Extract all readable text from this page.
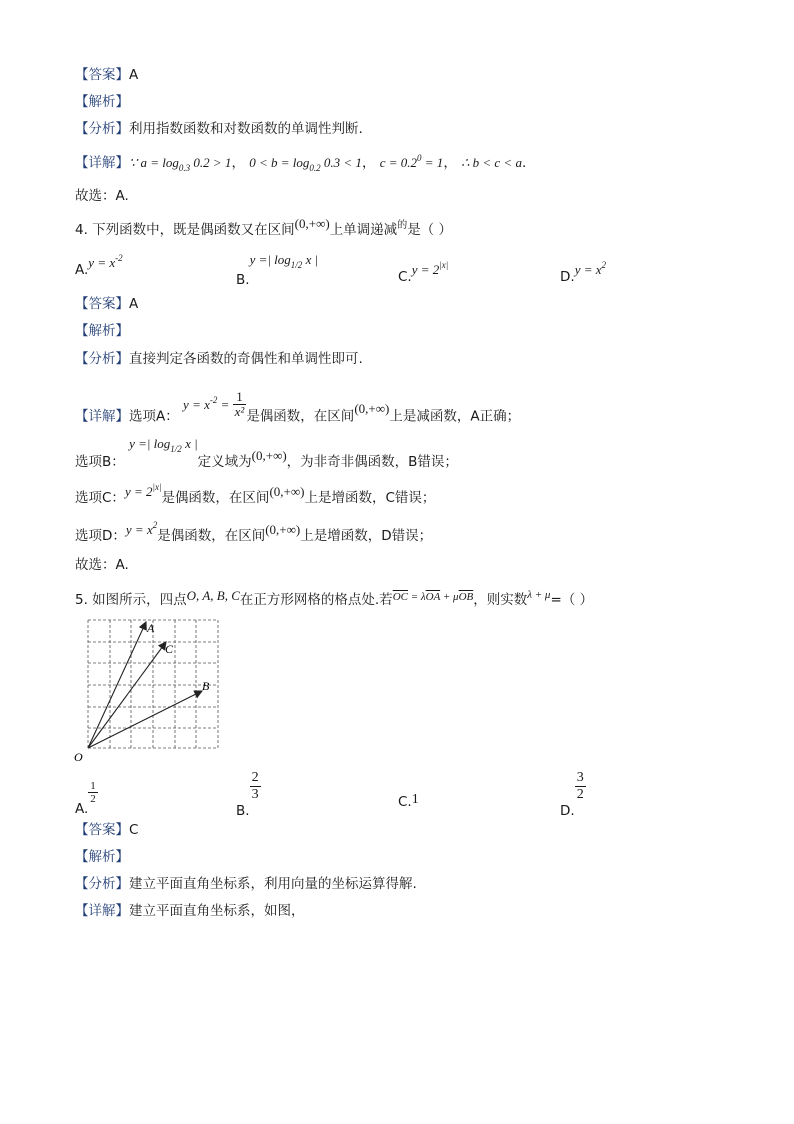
【答案】A
【解析】
【分析】利用指数函数和对数函数的单调性判断.
【详解】∵ $a = \log_{0.3} 0.2 > 1$， $0 < b = \log_{0.2} 0.3 < 1$， $c = 0.2^0 = 1$， ∴ b < c < a.
故选：A.
4. 下列函数中，既是偶函数又在区间(0,+∞)上单调递减$^的$是（ ）
$A.y = x^{-2}$
B.y =| $\log_{1/2} x$ |
$C.y = 2^{|x|}$
$D.y = x^2$
【答案】A
【解析】
【分析】直接判定各函数的奇偶性和单调性即可.
【详解】选项A： $y = x^{-2} = \frac{1}{\text{x²}}$ 是偶函数，在区间(0,+∞)上是减函数，A正确；
选项B： y =| $\log_{1/2} x$ |定义域为(0,+∞)，为非奇非偶函数，B错误；
选项C：$y = 2^{|x|}$是偶函数，在区间(0,+∞)上是增函数，C错误；
选项D：$y = x^2$是偶函数，在区间(0,+∞)上是增函数，D错误；
故选：A.
5. 如图所示，四点O, A, B, C在正方形网格的格点处.若$^{\overline{OC} = \lambda\overline{OA} + \mu\overline{OB}}$，则实数$^{\lambda + \mu}$=（ ）
A
C
B
O
A.
$\frac{1}{2}$
B.
$\frac{2}{3}$	C.1
D.
$\frac{3}{2}$
【答案】C
【解析】
【分析】建立平面直角坐标系，利用向量的坐标运算得解.
【详解】建立平面直角坐标系，如图，
